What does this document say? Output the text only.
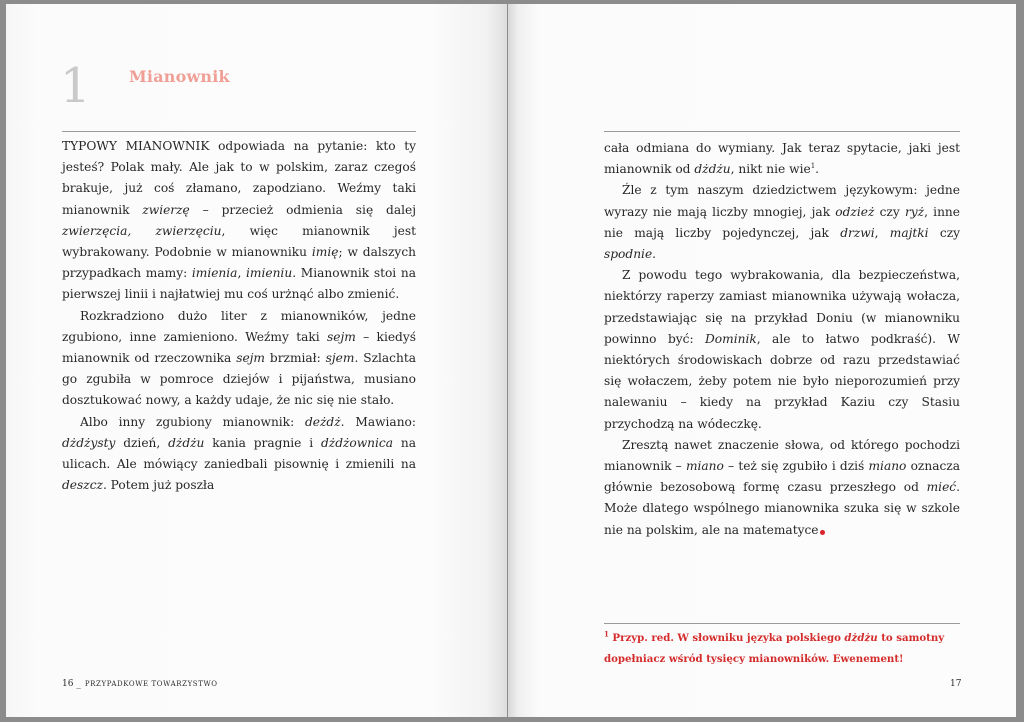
1 Mianownik

TYPOWY MIANOWNIK odpowiada na pytanie: kto ty jesteś? Polak mały. Ale jak to w polskim, zaraz czegoś brakuje, już coś złamano, zapodziano. Weźmy taki mianownik zwierzę – przecież odmienia się dalej zwierzęcia, zwierzęciu, więc mianownik jest wybrakowany. Podobnie w mianowniku imię; w dalszych przypadkach mamy: imienia, imieniu. Mianownik stoi na pierwszej linii i najłatwiej mu coś urżnąć albo zmienić.

Rozkradziono dużo liter z mianowników, jedne zgubiono, inne zamieniono. Weźmy taki sejm – kiedyś mianownik od rzeczownika sejm brzmiał: sjem. Szlachta go zgubiła w pomroce dziejów i pijaństwa, musiano dosztukować nowy, a każdy udaje, że nic się nie stało.

Albo inny zgubiony mianownik: deżdż. Mawiano: dżdżysty dzień, dżdżu kania pragnie i dżdżownica na ulicach. Ale mówiący zaniedbali pisownię i zmienili na deszcz. Potem już poszła

16 _ PRZYPADKOWE TOWARZYSTWO

cała odmiana do wymiany. Jak teraz spytacie, jaki jest mianownik od dżdżu, nikt nie wie$^1$.

Źle z tym naszym dziedzictwem językowym: jedne wyrazy nie mają liczby mnogiej, jak odzież czy ryż, inne nie mają liczby pojedynczej, jak drzwi, majtki czy spodnie.

Z powodu tego wybrakowania, dla bezpieczeństwa, niektórzy raperzy zamiast mianownika używają wołacza, przedstawiając się na przykład Doniu (w mianowniku powinno być: Dominik, ale to łatwo podkraść). W niektórych środowiskach dobrze od razu przedstawiać się wołaczem, żeby potem nie było nieporozumień przy nalewaniu – kiedy na przykład Kaziu czy Stasiu przychodzą na wódeczkę.

Zresztą nawet znaczenie słowa, od którego pochodzi mianownik – miano – też się zgubiło i dziś miano oznacza głównie bezosobową formę czasu przeszłego od mieć. Może dlatego wspólnego mianownika szuka się w szkole nie na polskim, ale na matematyce

$^1$ Przyp. red. W słowniku języka polskiego dżdżu to samotny dopełniacz wśród tysięcy mianowników. Ewenement!
17
